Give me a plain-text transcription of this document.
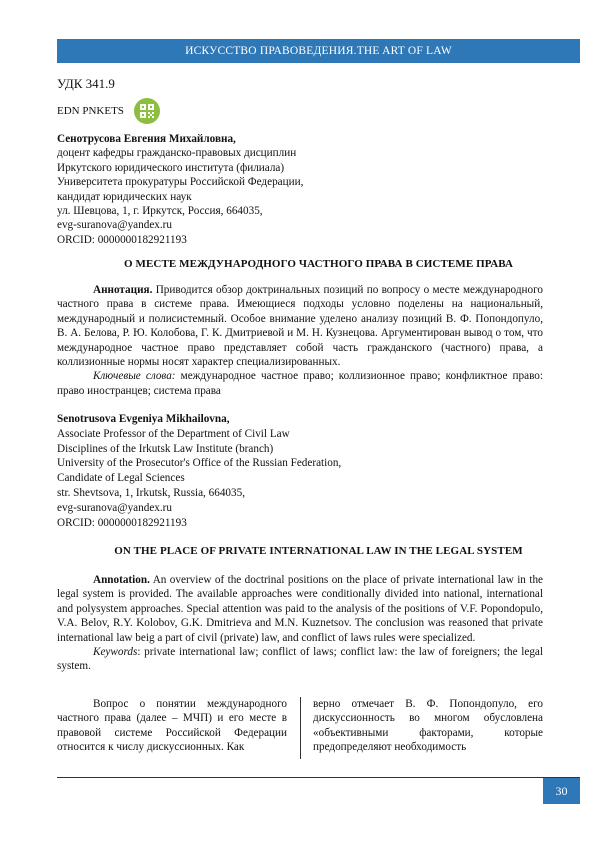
ИСКУССТВО ПРАВОВЕДЕНИЯ.THE ART OF LAW
УДК 341.9
EDN PNKETS
Сенотрусова Евгения Михайловна,
доцент кафедры гражданско-правовых дисциплин
Иркутского юридического института (филиала)
Университета прокуратуры Российской Федерации,
кандидат юридических наук
ул. Шевцова, 1, г. Иркутск, Россия, 664035,
evg-suranova@yandex.ru
ORCID: 0000000182921193
О МЕСТЕ МЕЖДУНАРОДНОГО ЧАСТНОГО ПРАВА В СИСТЕМЕ ПРАВА

Аннотация. Приводится обзор доктринальных позиций по вопросу о месте международного частного права в системе права. Имеющиеся подходы условно поделены на национальный, международный и полисистемный. Особое внимание уделено анализу позиций В. Ф. Попондопуло, В. А. Белова, Р. Ю. Колобова, Г. К. Дмитриевой и М. Н. Кузнецова. Аргументирован вывод о том, что международное частное право представляет собой часть гражданского (частного) права, а коллизионные нормы носят характер специализированных.

Ключевые слова: международное частное право; коллизионное право; конфликтное право: право иностранцев; система права

Senotrusova Evgeniya Mikhailovna,
Associate Professor of the Department of Civil Law
Disciplines of the Irkutsk Law Institute (branch)
University of the Prosecutor's Office of the Russian Federation,
Candidate of Legal Sciences
str. Shevtsova, 1, Irkutsk, Russia, 664035,
evg-suranova@yandex.ru
ORCID: 0000000182921193
ON THE PLACE OF PRIVATE INTERNATIONAL LAW IN THE LEGAL SYSTEM

Annotation. An overview of the doctrinal positions on the place of private international law in the legal system is provided. The available approaches were conditionally divided into national, international and polysystem approaches. Special attention was paid to the analysis of the positions of V.F. Popondopulo, V.A. Belov, R.Y. Kolobov, G.K. Dmitrieva and M.N. Kuznetsov. The conclusion was reasoned that private international law beig a part of civil (private) law, and conflict of laws rules were specialized.

Keywords: private international law; conflict of laws; conflict law: the law of foreigners; the legal system.

Вопрос о понятии международного частного права (далее – МЧП) и его месте в правовой системе Российской Федерации относится к числу дискуссионных. Как

верно отмечает В. Ф. Попондопуло, его дискуссионность во многом обусловлена «объективными факторами, которые предопределяют необходимость

30
